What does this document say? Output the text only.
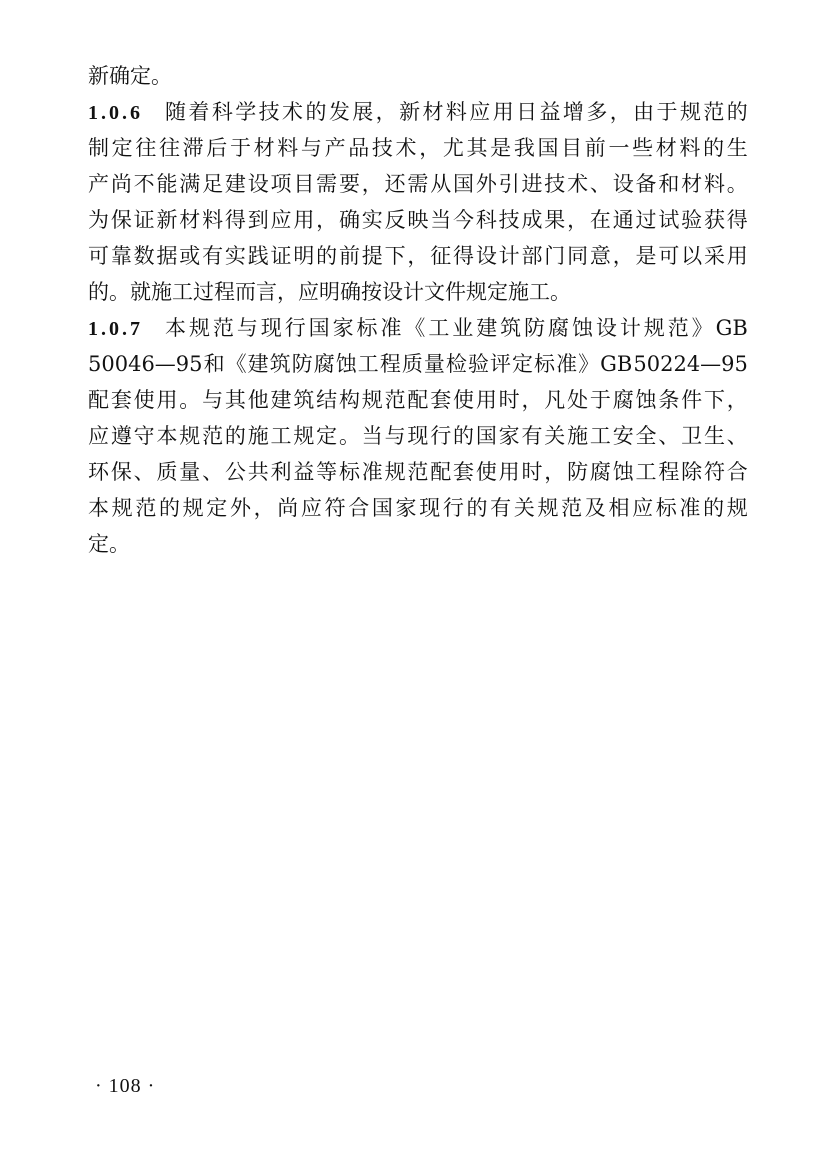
新确定。
1.0.6 随 着 科 学 技 术 的 发 展 ， 新 材 料 应 用 日 益 增 多 ， 由 于 规 范 的
制 定 往 往 滞 后 于 材 料 与 产 品 技 术 ， 尤 其 是 我 国 目 前 一 些 材 料 的 生
产 尚 不 能 满 足 建 设 项 目 需 要 ， 还 需 从 国 外 引 进 技 术 、 设 备 和 材 料 。
为 保 证 新 材 料 得 到 应 用 ， 确 实 反 映 当 今 科 技 成 果 ， 在 通 过 试 验 获 得
可 靠 数 据 或 有 实 践 证 明 的 前 提 下 ， 征 得 设 计 部 门 同 意 ， 是 可 以 采 用
的。就施工过程而言，应明确按设计文件规定施工。
1.0.7 本 规 范 与 现 行 国 家 标 准 《 工 业 建 筑 防 腐 蚀 设 计 规 范 》 GB
50046—95 和 《 建 筑 防 腐 蚀 工 程 质 量 检 验 评 定 标 准 》 GB 50224—95
配 套 使 用 。 与 其 他 建 筑 结 构 规 范 配 套 使 用 时 ， 凡 处 于 腐 蚀 条 件 下 ，
应 遵 守 本 规 范 的 施 工 规 定 。 当 与 现 行 的 国 家 有 关 施 工 安 全 、 卫 生 、
环 保 、 质 量 、 公 共 利 益 等 标 准 规 范 配 套 使 用 时 ， 防 腐 蚀 工 程 除 符 合
本 规 范 的 规 定 外 ， 尚 应 符 合 国 家 现 行 的 有 关 规 范 及 相 应 标 准 的 规
定。
· 108 ·
